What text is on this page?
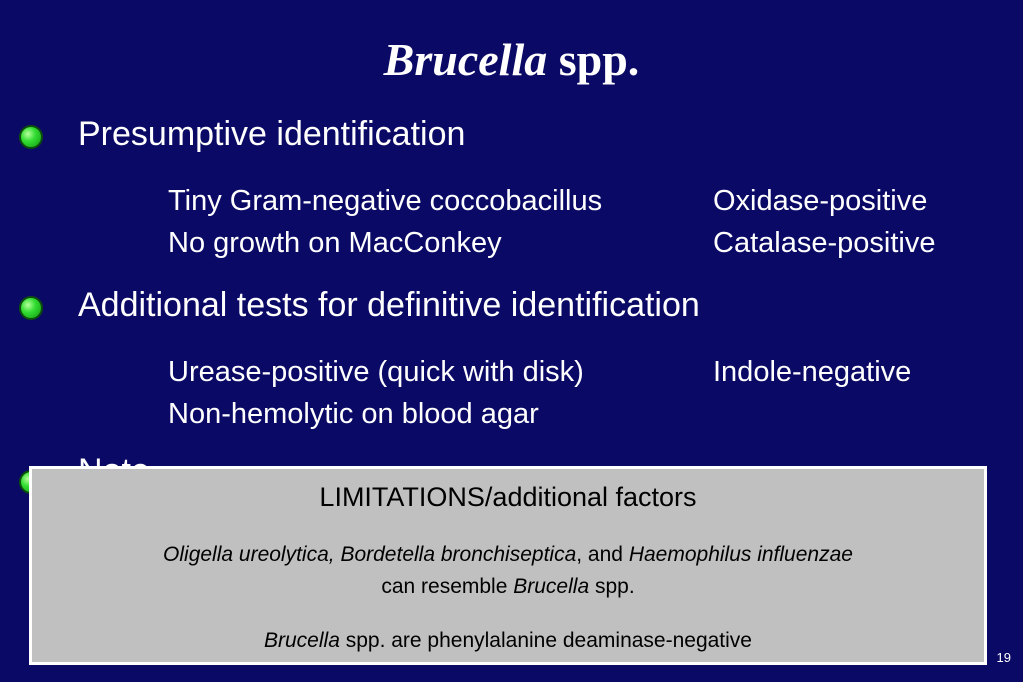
Brucella spp.
Presumptive identification
Tiny Gram-negative coccobacillus
No growth on MacConkey
Oxidase-positive
Catalase-positive
Additional tests for definitive identification
Urease-positive (quick with disk)
Non-hemolytic on blood agar
Indole-negative
LIMITATIONS/additional factors
Oligella ureolytica, Bordetella bronchiseptica, and Haemophilus influenzae
can resemble Brucella spp.
Brucella spp. are phenylalanine deaminase-negative
19
